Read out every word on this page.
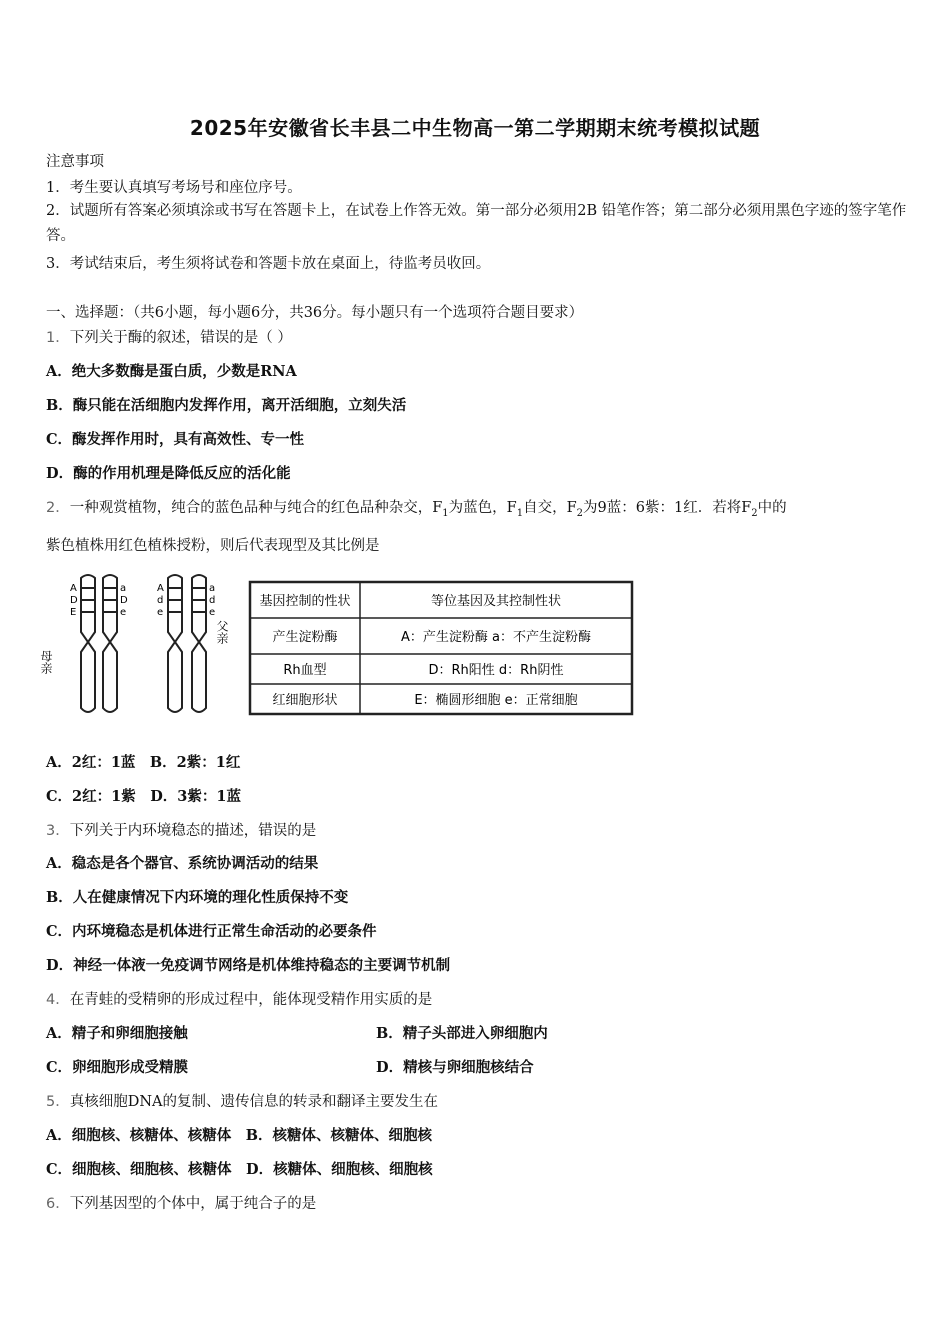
2025年安徽省长丰县二中生物高一第二学期期末统考模拟试题
注意事项
1．考生要认真填写考场号和座位序号。
2．试题所有答案必须填涂或书写在答题卡上，在试卷上作答无效。第一部分必须用2B 铅笔作答；第二部分必须用黑色字迹的签字笔作答。
3．考试结束后，考生须将试卷和答题卡放在桌面上，待监考员收回。
一、选择题：（共6小题，每小题6分，共36分。每小题只有一个选项符合题目要求）
1．下列关于酶的叙述，错误的是（ ）
A．绝大多数酶是蛋白质，少数是RNA
B．酶只能在活细胞内发挥作用，离开活细胞，立刻失活
C．酶发挥作用时，具有高效性、专一性
D．酶的作用机理是降低反应的活化能
2．一种观赏植物，纯合的蓝色品种与纯合的红色品种杂交，$F_1$为蓝色，$F_1$自交，$F_2$为9蓝：6紫：1红．若将$F_2$中的
紫色植株用红色植株授粉，则后代表现型及其比例是
A
D
E
a
D
e
母亲
A
d
e
a
d
e
父亲
基因控制的性状	等位基因及其控制性状
产生淀粉酶	A：产生淀粉酶 a：不产生淀粉酶
Rh血型	D：Rh阳性 d：Rh阴性
红细胞形状	E：椭圆形细胞 e：正常细胞
A．2红：1蓝　B．2紫：1红
C．2红：1紫　D．3紫：1蓝
3．下列关于内环境稳态的描述，错误的是
A．稳态是各个器官、系统协调活动的结果
B．人在健康情况下内环境的理化性质保持不变
C．内环境稳态是机体进行正常生命活动的必要条件
D．神经一体液一免疫调节网络是机体维持稳态的主要调节机制
4．在青蛙的受精卵的形成过程中，能体现受精作用实质的是
A．精子和卵细胞接触	B．精子头部进入卵细胞内
C．卵细胞形成受精膜	D．精核与卵细胞核结合
5．真核细胞DNA的复制、遗传信息的转录和翻译主要发生在
A．细胞核、核糖体、核糖体　B．核糖体、核糖体、细胞核
C．细胞核、细胞核、核糖体　D．核糖体、细胞核、细胞核
6．下列基因型的个体中，属于纯合子的是
